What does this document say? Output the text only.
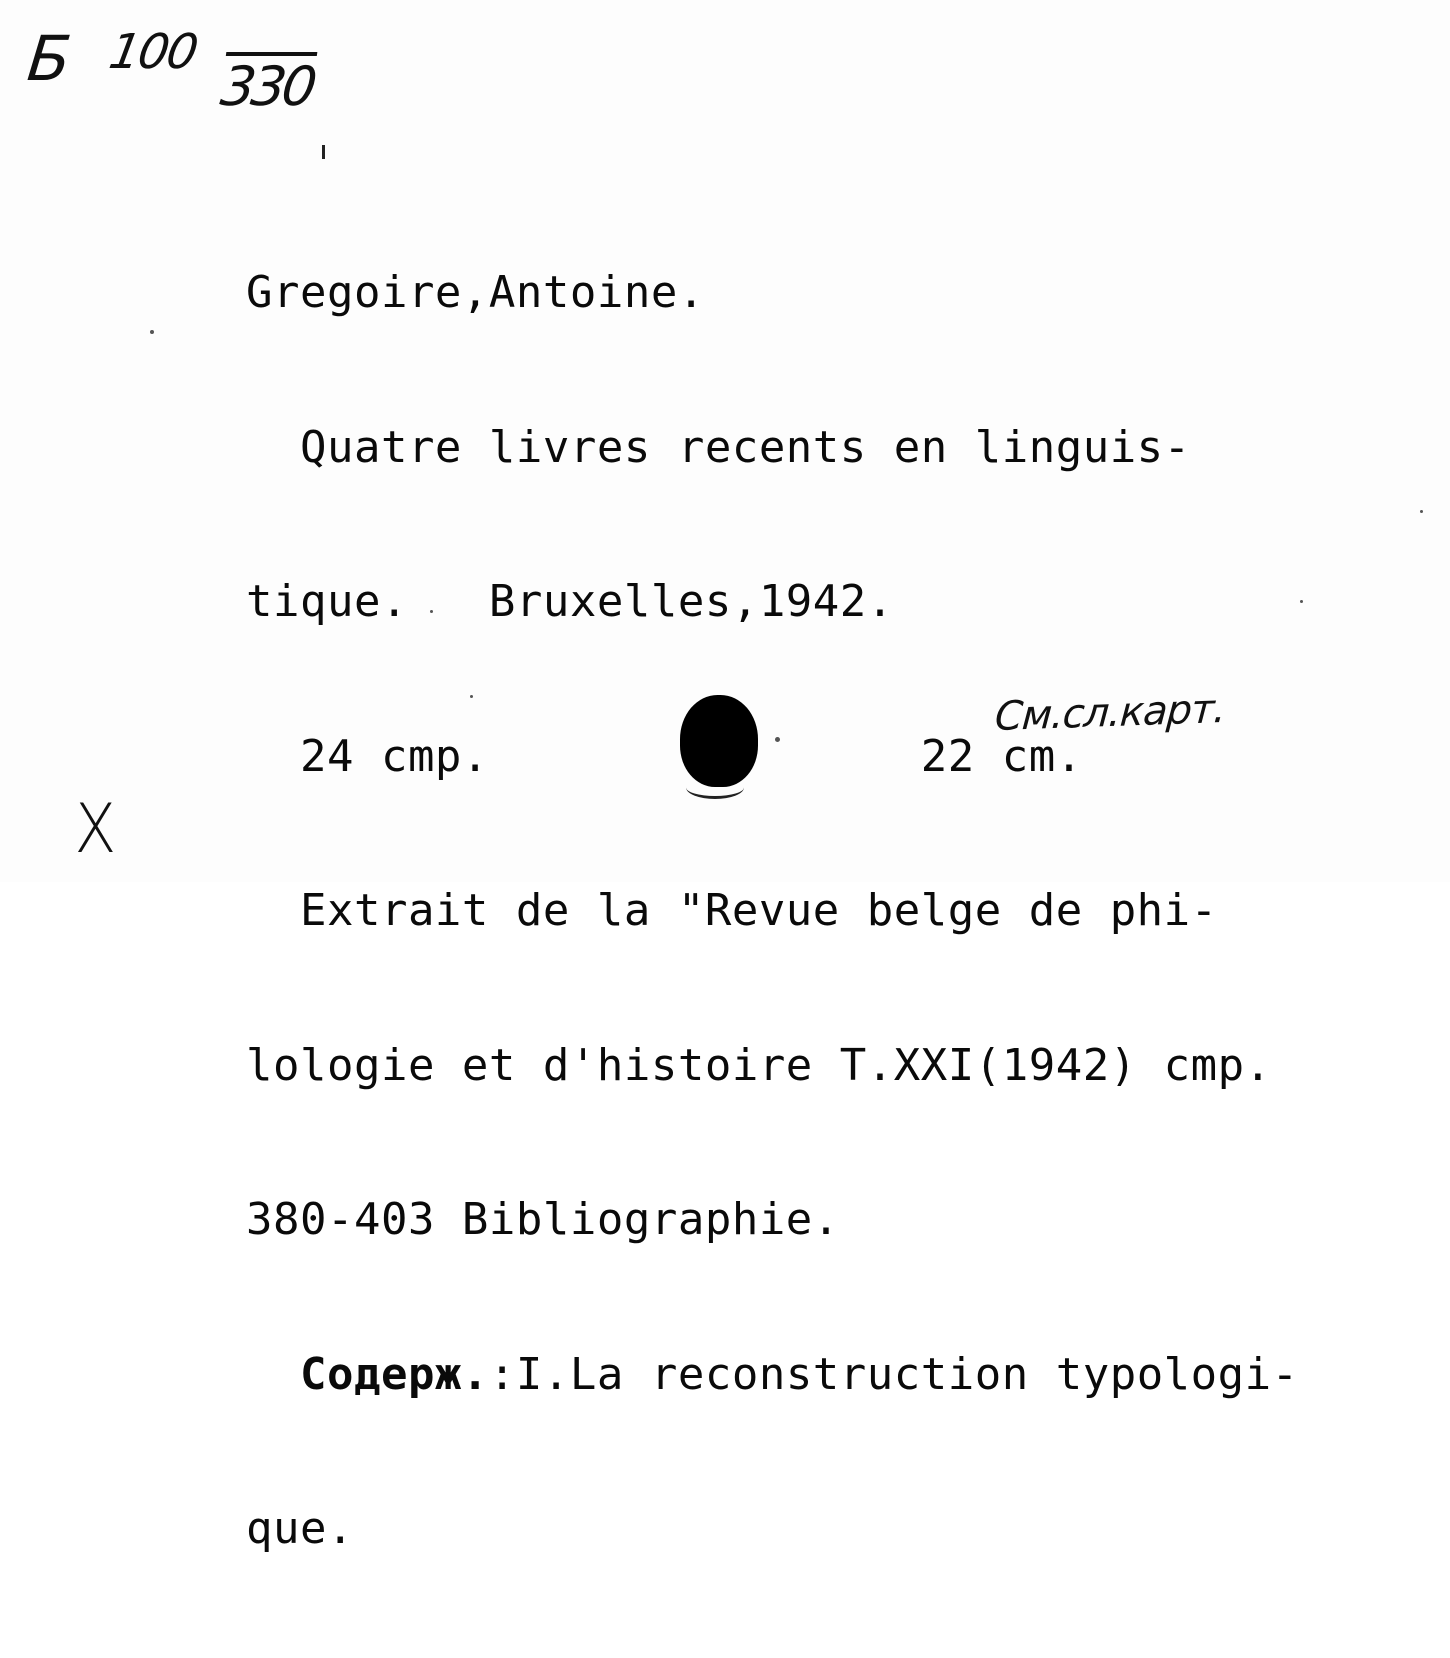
Б 100
330

Gregoire,Antoine.

Quatre livres recents en linguis-

tique.   Bruxelles,1942.

24 cmp.	22 cm.

Extrait de la "Revue belge de phi-

lologie et d'histoire T.XXI(1942) cmp.

380-403 Bibliographie.

Содерж.:I.La reconstruction typologi-

que.

См.сл.карт.
X
